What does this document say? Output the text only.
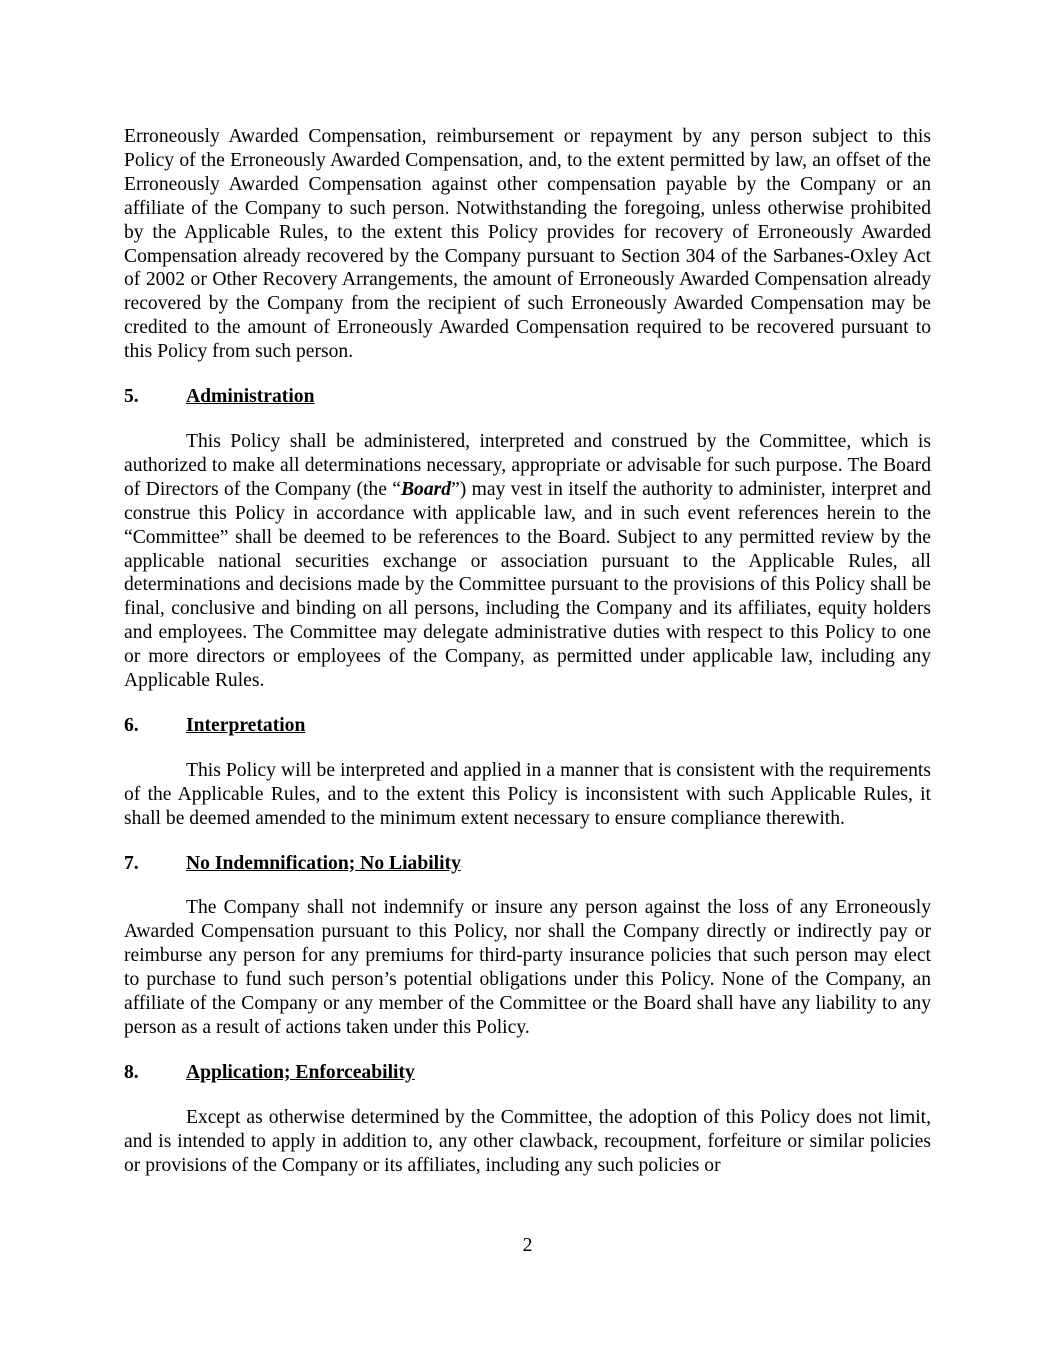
Erroneously Awarded Compensation, reimbursement or repayment by any person subject to this Policy of the Erroneously Awarded Compensation, and, to the extent permitted by law, an offset of the Erroneously Awarded Compensation against other compensation payable by the Company or an affiliate of the Company to such person. Notwithstanding the foregoing, unless otherwise prohibited by the Applicable Rules, to the extent this Policy provides for recovery of Erroneously Awarded Compensation already recovered by the Company pursuant to Section 304 of the Sarbanes-Oxley Act of 2002 or Other Recovery Arrangements, the amount of Erroneously Awarded Compensation already recovered by the Company from the recipient of such Erroneously Awarded Compensation may be credited to the amount of Erroneously Awarded Compensation required to be recovered pursuant to this Policy from such person.

5.	Administration

This Policy shall be administered, interpreted and construed by the Committee, which is authorized to make all determinations necessary, appropriate or advisable for such purpose. The Board of Directors of the Company (the “Board”) may vest in itself the authority to administer, interpret and construe this Policy in accordance with applicable law, and in such event references herein to the “Committee” shall be deemed to be references to the Board. Subject to any permitted review by the applicable national securities exchange or association pursuant to the Applicable Rules, all determinations and decisions made by the Committee pursuant to the provisions of this Policy shall be final, conclusive and binding on all persons, including the Company and its affiliates, equity holders and employees. The Committee may delegate administrative duties with respect to this Policy to one or more directors or employees of the Company, as permitted under applicable law, including any Applicable Rules.

6.	Interpretation

This Policy will be interpreted and applied in a manner that is consistent with the requirements of the Applicable Rules, and to the extent this Policy is inconsistent with such Applicable Rules, it shall be deemed amended to the minimum extent necessary to ensure compliance therewith.

7.	No Indemnification; No Liability

The Company shall not indemnify or insure any person against the loss of any Erroneously Awarded Compensation pursuant to this Policy, nor shall the Company directly or indirectly pay or reimburse any person for any premiums for third-party insurance policies that such person may elect to purchase to fund such person’s potential obligations under this Policy. None of the Company, an affiliate of the Company or any member of the Committee or the Board shall have any liability to any person as a result of actions taken under this Policy.

8.	Application; Enforceability

Except as otherwise determined by the Committee, the adoption of this Policy does not limit, and is intended to apply in addition to, any other clawback, recoupment, forfeiture or similar policies or provisions of the Company or its affiliates, including any such policies or

2
